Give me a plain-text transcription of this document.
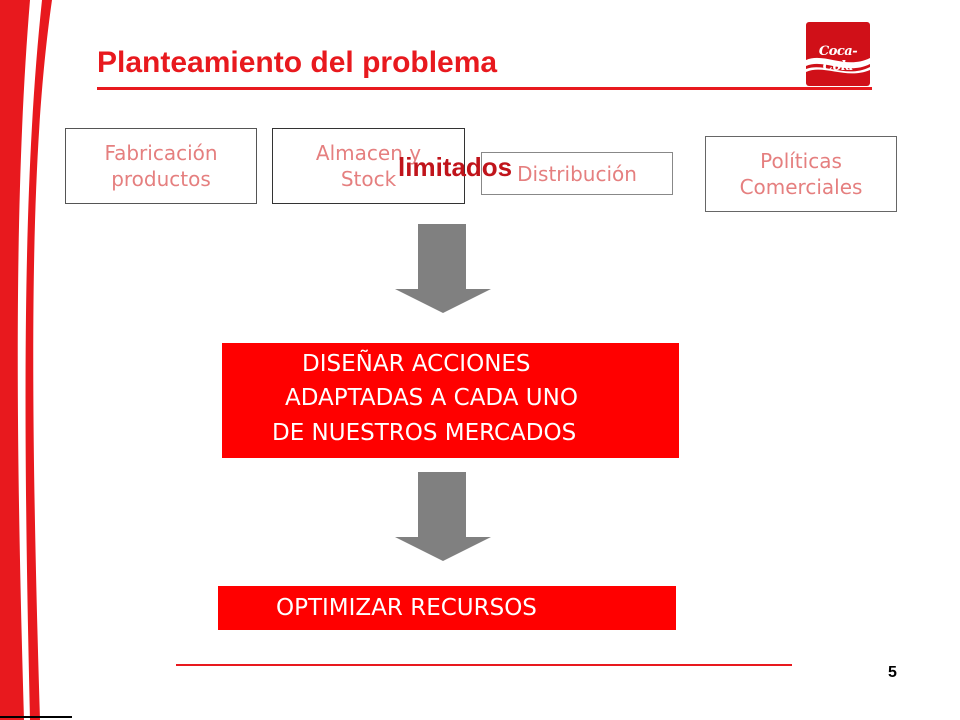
Planteamiento del problema	Coca-Cola
Fabricación
productos
Almacen y
Stock	Distribución
Políticas
Comerciales
limitados
DISEÑAR ACCIONES
ADAPTADAS A CADA UNO
DE NUESTROS MERCADOS
OPTIMIZAR RECURSOS
5
